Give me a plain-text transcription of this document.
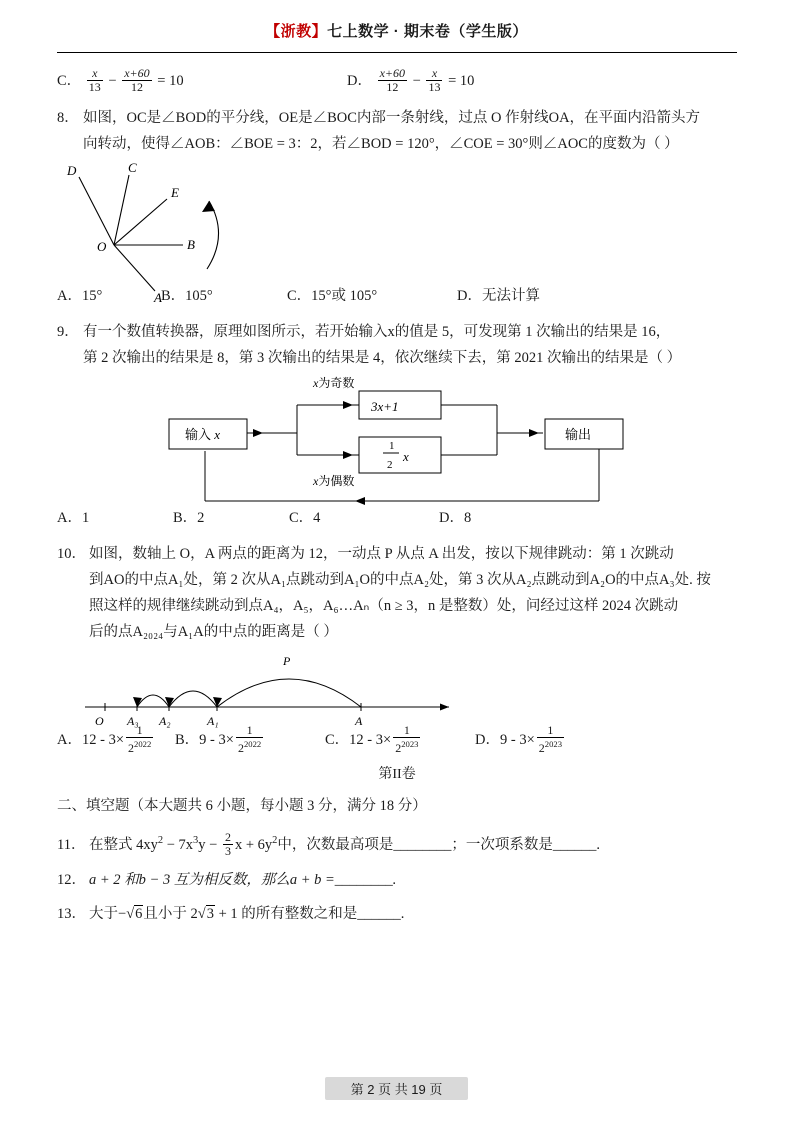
【浙教】七上数学 · 期末卷（学生版）
C． $\frac{x}{13} - \frac{x+60}{12} = 10$	D． $\frac{x+60}{12} - \frac{x}{13} = 10$
8． 如图，OC是∠BOD的平分线，OE是∠BOC内部一条射线，过点 O 作射线OA，在平面内沿箭头方
向转动，使得∠AOB：∠BOE = 3：2，若∠BOD = 120°，∠COE = 30°则∠AOC的度数为（ ）
D	C
E
O	B
A
A．15°	B．105°	C．15°或 105°	D．无法计算
9． 有一个数值转换器，原理如图所示，若开始输入x的值是 5，可发现第 1 次输出的结果是 16，
第 2 次输出的结果是 8，第 3 次输出的结果是 4，依次继续下去，第 2021 次输出的结果是（ ）
输入 x
3x+1
输出
x为奇数
x为偶数
1
2
x
A．1	B．2	C．4	D．8
10． 如图，数轴上 O，A 两点的距离为 12，一动点 P 从点 A 出发，按以下规律跳动：第 1 次跳动
到AO的中点A₁处，第 2 次从A₁点跳动到A₁O的中点A₂处，第 3 次从A₂点跳动到A₂O的中点A₃处. 按
照这样的规律继续跳动到点A₄，A₅，A₆…Aₙ（n ≥ 3，n 是整数）处，问经过这样 2024 次跳动
后的点A₂₀₂₄与A₁A的中点的距离是（ ）
O A₃ A₂	A₁	A
P
A．$12 - 3\times \frac{1}{2^{2022}}$ B．$9 - 3\times \frac{1}{2^{2022}}$	C．$12 - 3\times \frac{1}{2^{2023}}$	D．$9 - 3\times \frac{1}{2^{2023}}$
第II卷
二、填空题（本大题共 6 小题，每小题 3 分，满分 18 分）
11． 在整式 $4xy^2 - 7x^3y - \frac{2}{3}$ $x + 6y^2$中，次数最高项是________；一次项系数是______.
12． a + 2 和b − 3 互为相反数，那么a + b =________.
13． 大于−√6且小于 2√3 + 1 的所有整数之和是______.
第 2 页 共 19 页
